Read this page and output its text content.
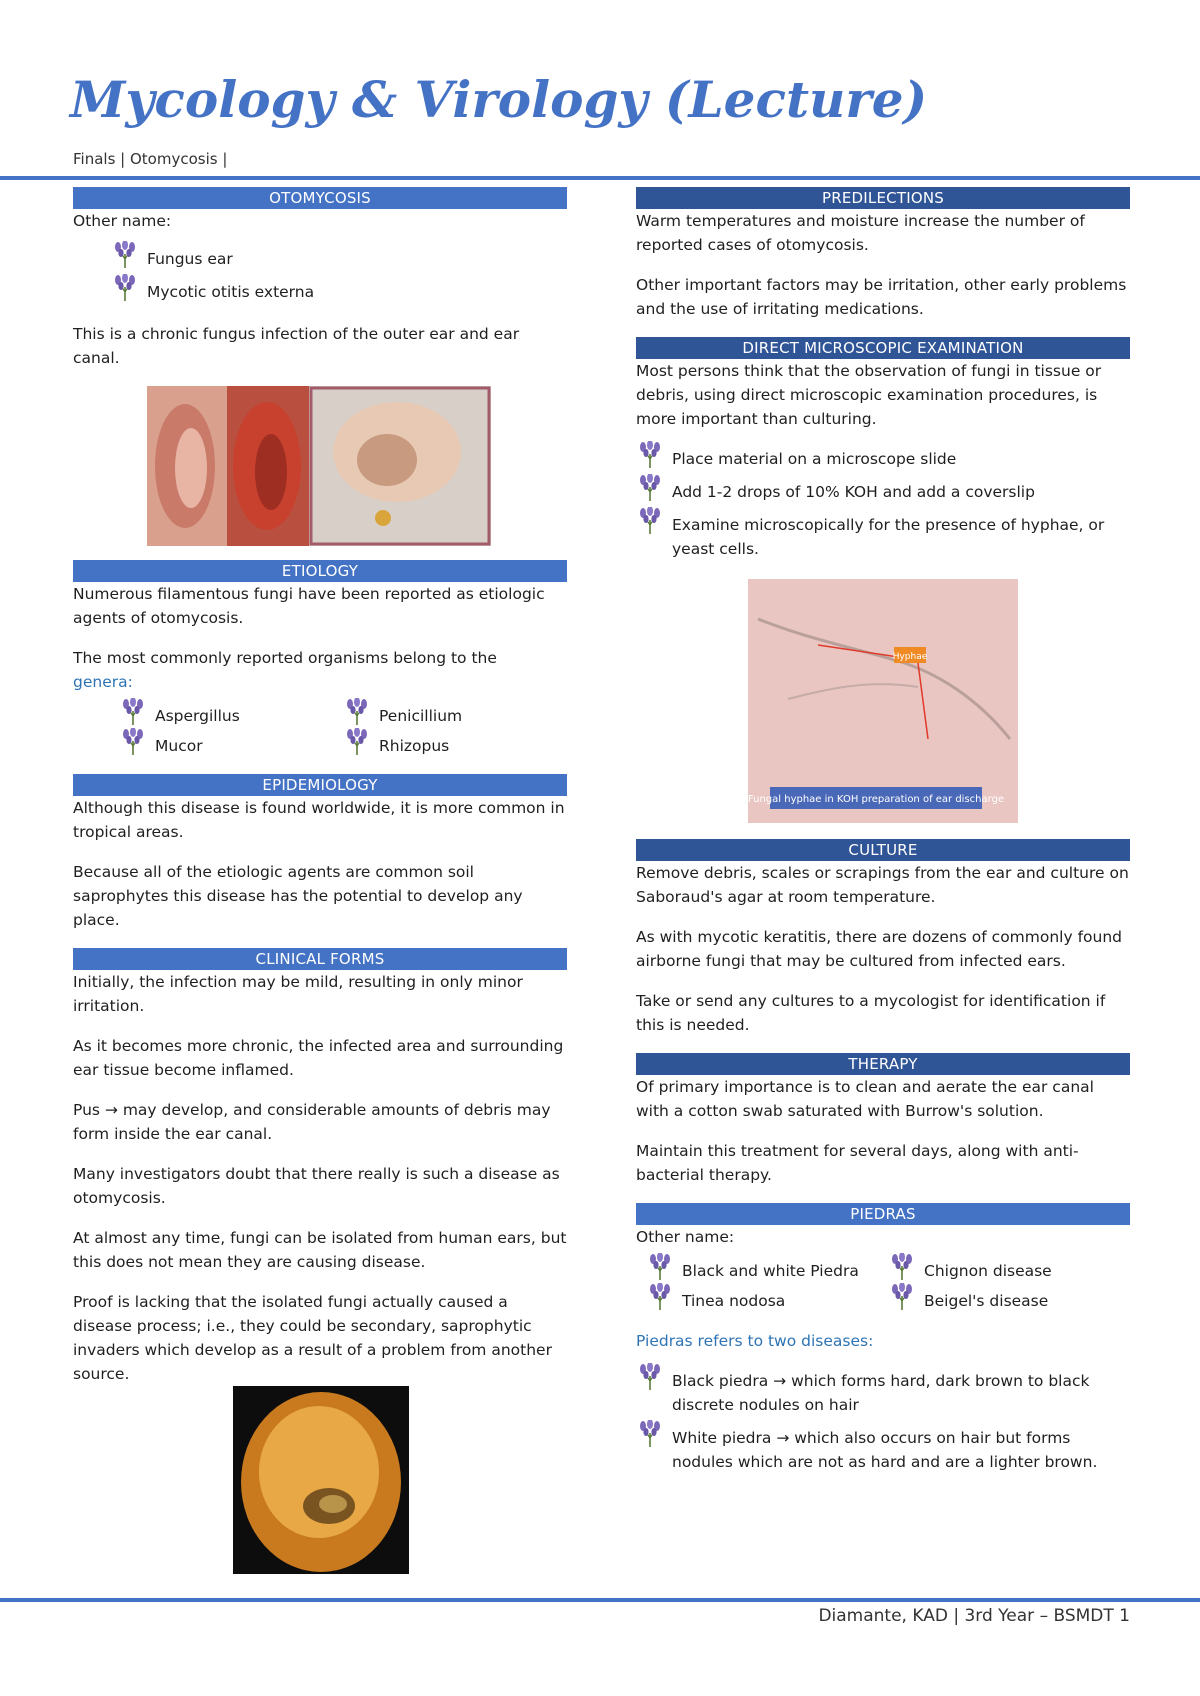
Mycology & Virology (Lecture)
Finals | Otomycosis |
OTOMYCOSIS

Other name:

Fungus ear
Mycotic otitis externa

This is a chronic fungus infection of the outer ear and ear canal.

ETIOLOGY

Numerous filamentous fungi have been reported as etiologic agents of otomycosis.

The most commonly reported organisms belong to the
genera:

Aspergillus	Penicillium
Mucor	Rhizopus
EPIDEMIOLOGY

Although this disease is found worldwide, it is more common in tropical areas.

Because all of the etiologic agents are common soil saprophytes this disease has the potential to develop any place.

CLINICAL FORMS

Initially, the infection may be mild, resulting in only minor irritation.

As it becomes more chronic, the infected area and surrounding ear tissue become inflamed.

Pus → may develop, and considerable amounts of debris may form inside the ear canal.

Many investigators doubt that there really is such a disease as otomycosis.

At almost any time, fungi can be isolated from human ears, but this does not mean they are causing disease.

Proof is lacking that the isolated fungi actually caused a disease process; i.e., they could be secondary, saprophytic invaders which develop as a result of a problem from another source.

PREDILECTIONS

Warm temperatures and moisture increase the number of reported cases of otomycosis.

Other important factors may be irritation, other early problems and the use of irritating medications.

DIRECT MICROSCOPIC EXAMINATION

Most persons think that the observation of fungi in tissue or debris, using direct microscopic examination procedures, is more important than culturing.

Place material on a microscope slide
Add 1-2 drops of 10% KOH and add a coverslip
Examine microscopically for the presence of hyphae, or yeast cells.
Hyphae
Fungal hyphae in KOH preparation of ear discharge
CULTURE

Remove debris, scales or scrapings from the ear and culture on Saboraud's agar at room temperature.

As with mycotic keratitis, there are dozens of commonly found airborne fungi that may be cultured from infected ears.

Take or send any cultures to a mycologist for identification if this is needed.

THERAPY

Of primary importance is to clean and aerate the ear canal with a cotton swab saturated with Burrow's solution.

Maintain this treatment for several days, along with anti-bacterial therapy.

PIEDRAS

Other name:

Black and white Piedra	Chignon disease
Tinea nodosa	Beigel's disease

Piedras refers to two diseases:

Black piedra → which forms hard, dark brown to black discrete nodules on hair
White piedra → which also occurs on hair but forms nodules which are not as hard and are a lighter brown.
Diamante, KAD | 3rd Year – BSMDT 1
